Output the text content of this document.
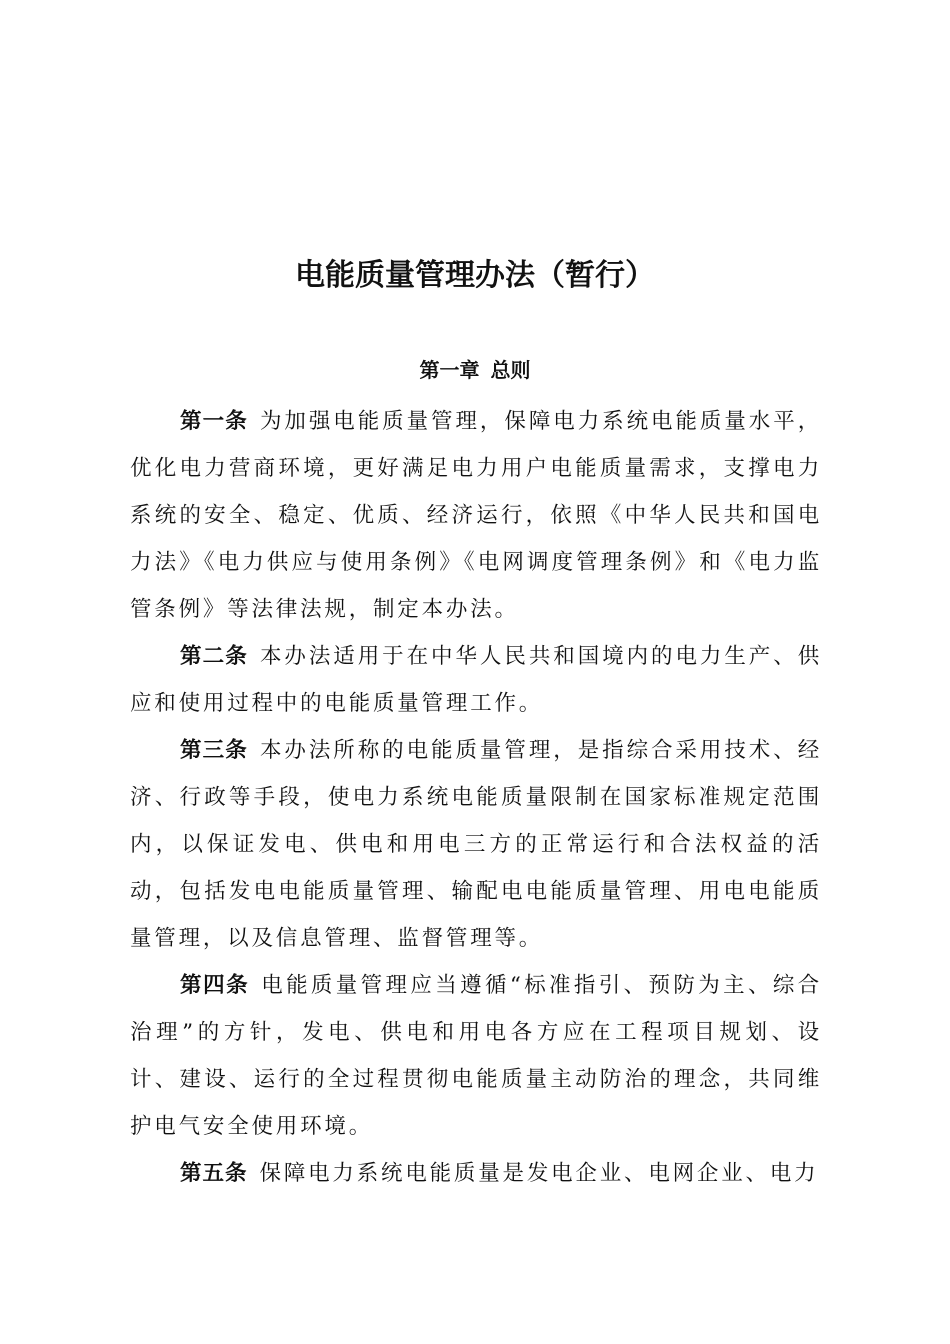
电能质量管理办法（暂行）
第一章 总则

第一条 为加强电能质量管理，保障电力系统电能质量水平，优化电力营商环境，更好满足电力用户电能质量需求，支撑电力系统的安全、稳定、优质、经济运行，依照《中华人民共和国电力法》《电力供应与使用条例》《电网调度管理条例》和《电力监管条例》等法律法规，制定本办法。

第二条 本办法适用于在中华人民共和国境内的电力生产、供应和使用过程中的电能质量管理工作。

第三条 本办法所称的电能质量管理，是指综合采用技术、经济、行政等手段，使电力系统电能质量限制在国家标准规定范围内，以保证发电、供电和用电三方的正常运行和合法权益的活动，包括发电电能质量管理、输配电电能质量管理、用电电能质量管理，以及信息管理、监督管理等。

第四条 电能质量管理应当遵循“标准指引、预防为主、综合治理”的方针，发电、供电和用电各方应在工程项目规划、设计、建设、运行的全过程贯彻电能质量主动防治的理念，共同维护电气安全使用环境。

第五条 保障电力系统电能质量是发电企业、电网企业、电力
